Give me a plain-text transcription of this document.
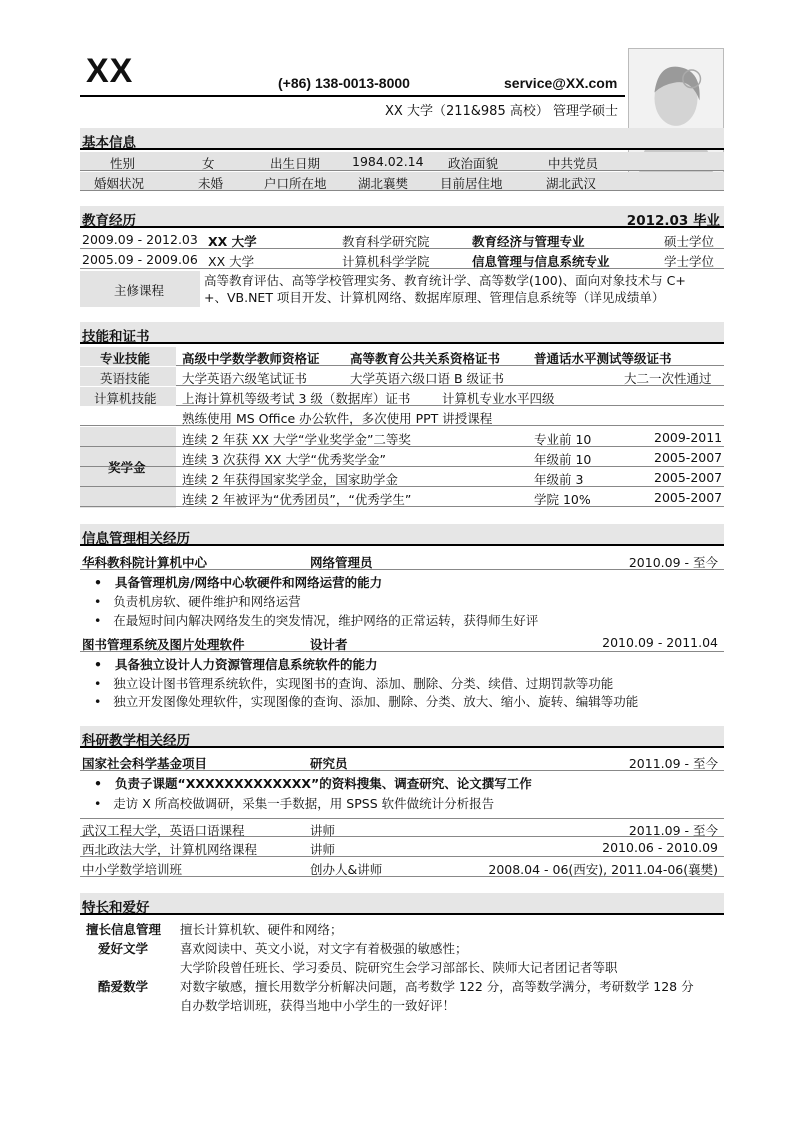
XX	(+86) 138-0013-8000	service@XX.com
XX 大学（211&985 高校） 管理学硕士
基本信息
性别	女	出生日期	1984.02.14 政治面貌	中共党员
婚姻状况	未婚	户口所在地	湖北襄樊	目前居住地	湖北武汉
教育经历	2012.03 毕业
2009.09 - 2012.03 XX 大学	教育科学研究院	教育经济与管理专业	硕士学位
2005.09 - 2009.06 XX 大学	计算机科学学院	信息管理与信息系统专业	学士学位
主修课程
高等教育评估、高等学校管理实务、教育统计学、高等数学(100)、面向对象技术与 C+
+、VB.NET 项目开发、计算机网络、数据库原理、管理信息系统等（详见成绩单）
技能和证书
专业技能	高级中学数学教师资格证 高等教育公共关系资格证书	普通话水平测试等级证书
英语技能	大学英语六级笔试证书	大学英语六级口语 B 级证书	大二一次性通过
计算机技能 上海计算机等级考试 3 级（数据库）证书	计算机专业水平四级
熟练使用 MS Office 办公软件，多次使用 PPT 讲授课程
奖学金
连续 2 年获 XX 大学“学业奖学金”二等奖	专业前 10	2009-2011
连续 3 次获得 XX 大学“优秀奖学金”	年级前 10	2005-2007
连续 2 年获得国家奖学金，国家助学金	年级前 3	2005-2007
连续 2 年被评为“优秀团员”，“优秀学生”	学院 10%	2005-2007
信息管理相关经历
华科教科院计算机中心	网络管理员	2010.09 - 至今
•   具备管理机房/网络中心软硬件和网络运营的能力
•   负责机房软、硬件维护和网络运营
•   在最短时间内解决网络发生的突发情况，维护网络的正常运转，获得师生好评
图书管理系统及图片处理软件	设计者	2010.09 - 2011.04
•   具备独立设计人力资源管理信息系统软件的能力
•   独立设计图书管理系统软件，实现图书的查询、添加、删除、分类、续借、过期罚款等功能
•   独立开发图像处理软件，实现图像的查询、添加、删除、分类、放大、缩小、旋转、编辑等功能
科研教学相关经历
国家社会科学基金项目	研究员	2011.09 - 至今
•   负责子课题“XXXXXXXXXXXXX”的资料搜集、调查研究、论文撰写工作
•   走访 X 所高校做调研，采集一手数据，用 SPSS 软件做统计分析报告
武汉工程大学，英语口语课程	讲师	2011.09 - 至今
西北政法大学，计算机网络课程	讲师	2010.06 - 2010.09
中小学数学培训班	创办人&讲师	2008.04 - 06(西安), 2011.04-06(襄樊)
特长和爱好
擅长信息管理 擅长计算机软、硬件和网络；
爱好文学	喜欢阅读中、英文小说，对文字有着极强的敏感性；
大学阶段曾任班长、学习委员、院研究生会学习部部长、陕师大记者团记者等职
酷爱数学	对数字敏感，擅长用数学分析解决问题，高考数学 122 分，高等数学满分，考研数学 128 分
自办数学培训班，获得当地中小学生的一致好评！
